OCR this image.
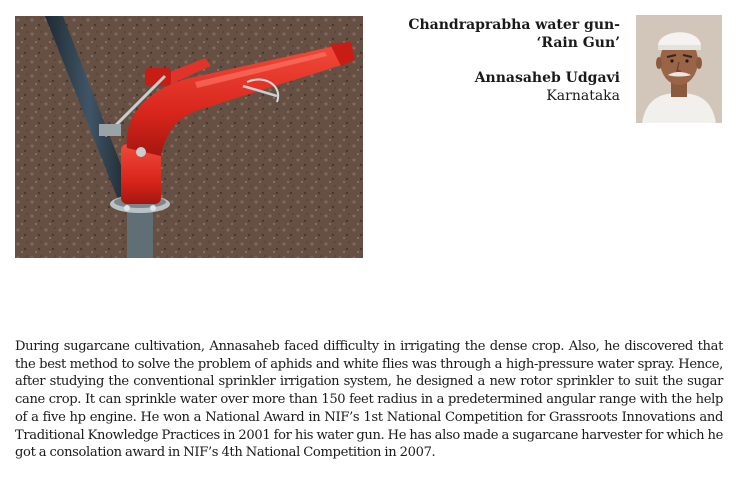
Chandraprabha water gun-
‘Rain Gun’
Annasaheb Udgavi
Karnataka
During sugarcane cultivation, Annasaheb faced difficulty in irrigating the dense crop. Also, he discovered that the best method to solve the problem of aphids and white flies was through a high-pressure water spray. Hence, after studying the conventional sprinkler irrigation system, he designed a new rotor sprinkler to suit the sugar cane crop. It can sprinkle water over more than 150 feet radius in a predetermined angular range with the help of a five hp engine. He won a National Award in NIF’s 1st National Competition for Grassroots Innovations and Traditional Knowledge Practices in 2001 for his water gun. He has also made a sugarcane harvester for which he got a consolation award in NIF’s 4th National Competition in 2007.
